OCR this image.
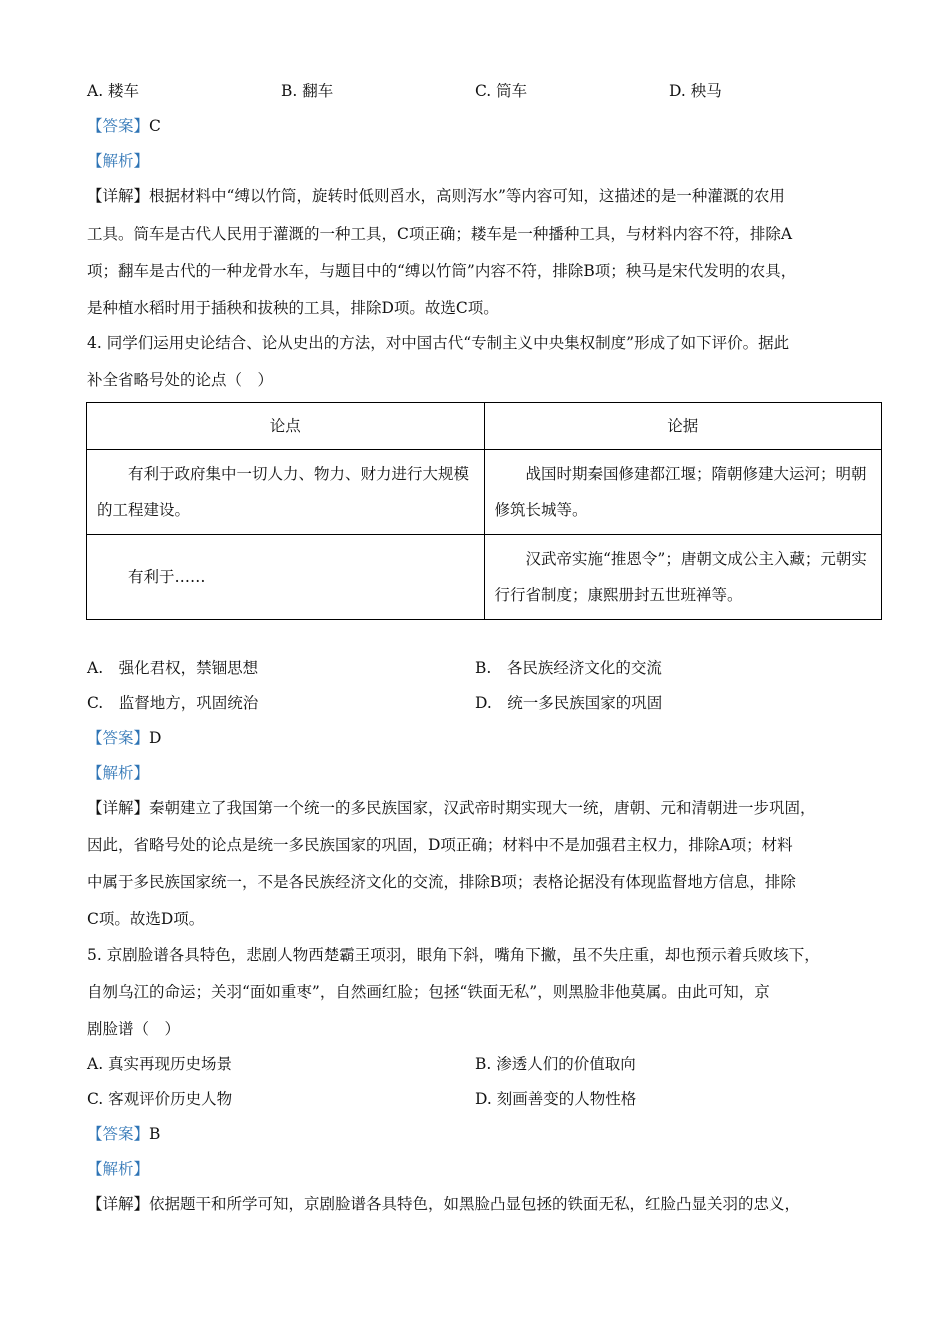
A. 耧车	B. 翻车	C. 筒车	D. 秧马
【答案】C
【解析】
【详解】根据材料中“缚以竹筒，旋转时低则舀水，高则泻水”等内容可知，这描述的是一种灌溉的农用
工具。筒车是古代人民用于灌溉的一种工具，C项正确；耧车是一种播种工具，与材料内容不符，排除A
项；翻车是古代的一种龙骨水车，与题目中的“缚以竹筒”内容不符，排除B项；秧马是宋代发明的农具，
是种植水稻时用于插秧和拔秧的工具，排除D项。故选C项。
4. 同学们运用史论结合、论从史出的方法，对中国古代“专制主义中央集权制度”形成了如下评价。据此
补全省略号处的论点（　）
论点	论据
有利于政府集中一切人力、物力、财力进行大规模的工程建设。	战国时期秦国修建都江堰；隋朝修建大运河；明朝修筑长城等。
有利于……	汉武帝实施“推恩令”；唐朝文成公主入藏；元朝实行行省制度；康熙册封五世班禅等。
A.　强化君权，禁锢思想	B.　各民族经济文化的交流
C.　监督地方，巩固统治	D.　统一多民族国家的巩固
【答案】D
【解析】
【详解】秦朝建立了我国第一个统一的多民族国家，汉武帝时期实现大一统，唐朝、元和清朝进一步巩固，
因此，省略号处的论点是统一多民族国家的巩固，D项正确；材料中不是加强君主权力，排除A项；材料
中属于多民族国家统一，不是各民族经济文化的交流，排除B项；表格论据没有体现监督地方信息，排除
C项。故选D项。
5. 京剧脸谱各具特色，悲剧人物西楚霸王项羽，眼角下斜，嘴角下撇，虽不失庄重，却也预示着兵败垓下，
自刎乌江的命运；关羽“面如重枣”，自然画红脸；包拯“铁面无私”，则黑脸非他莫属。由此可知，京
剧脸谱（　）
A. 真实再现历史场景	B. 渗透人们的价值取向
C. 客观评价历史人物	D. 刻画善变的人物性格
【答案】B
【解析】
【详解】依据题干和所学可知，京剧脸谱各具特色，如黑脸凸显包拯的铁面无私，红脸凸显关羽的忠义，
